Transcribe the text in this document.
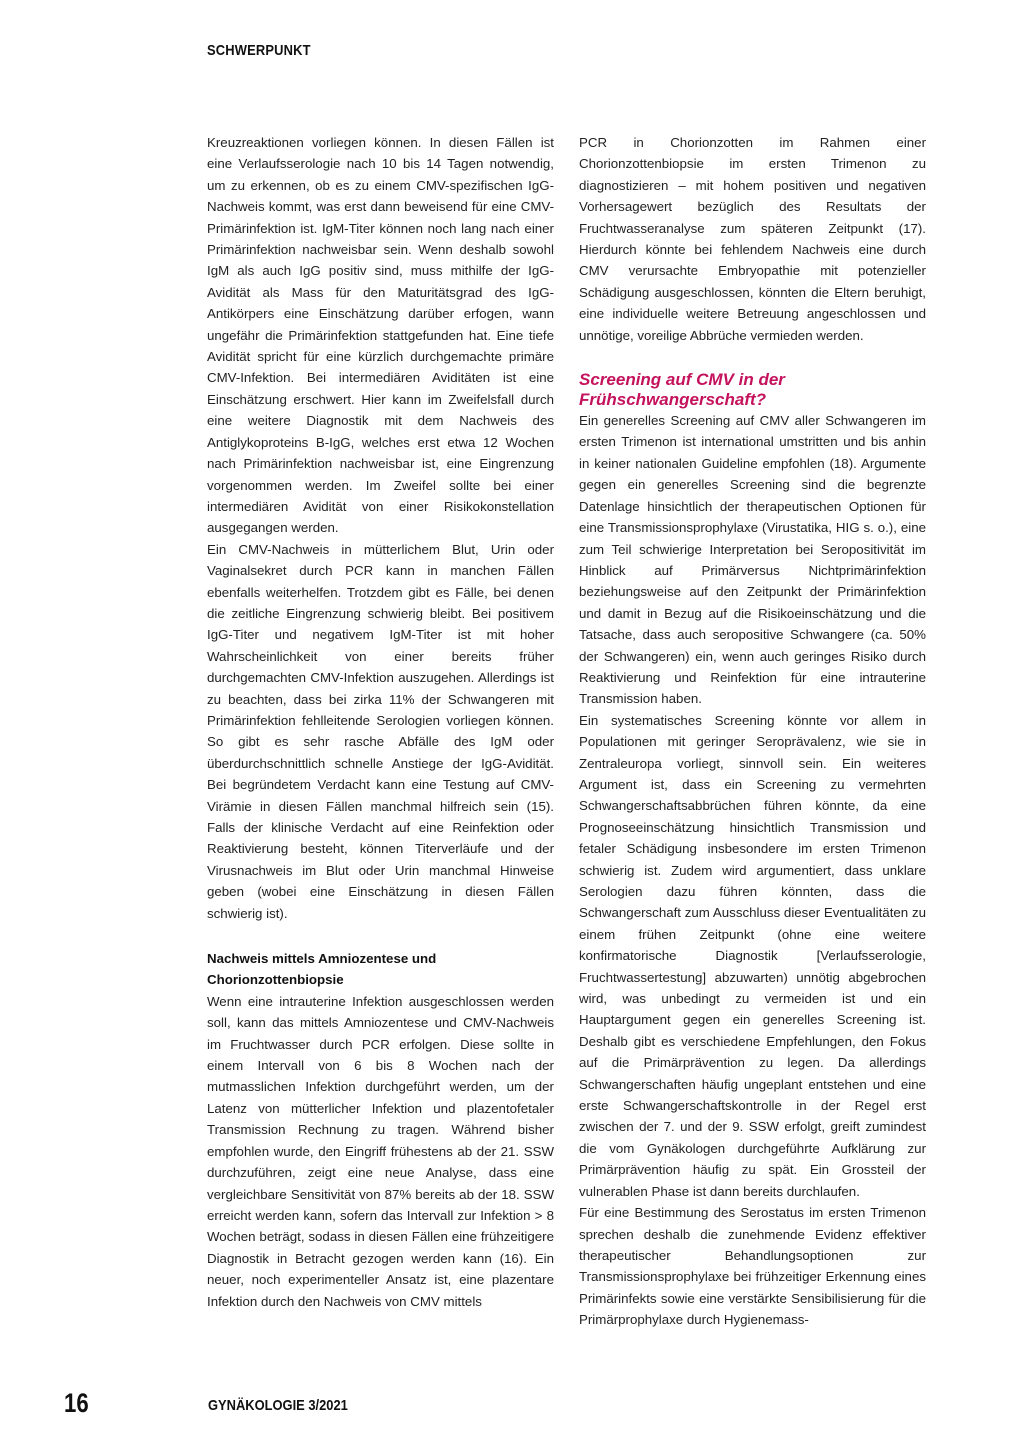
SCHWERPUNKT

Kreuzreaktionen vorliegen können. In diesen Fällen ist eine Verlaufsserologie nach 10 bis 14 Tagen notwendig, um zu erkennen, ob es zu einem CMV-spezifischen IgG-Nachweis kommt, was erst dann beweisend für eine CMV-Primärinfektion ist. IgM-Titer können noch lang nach einer Primärinfektion nachweisbar sein. Wenn deshalb sowohl IgM als auch IgG positiv sind, muss mithilfe der IgG-Avidität als Mass für den Maturitätsgrad des IgG-Antikörpers eine Einschätzung darüber erfogen, wann ungefähr die Primärinfektion stattgefunden hat. Eine tiefe Avidität spricht für eine kürzlich durchgemachte primäre CMV-Infektion. Bei intermediären Aviditäten ist eine Einschätzung erschwert. Hier kann im Zweifelsfall durch eine weitere Diagnostik mit dem Nachweis des Antiglykoproteins B-IgG, welches erst etwa 12 Wochen nach Primärinfektion nachweisbar ist, eine Eingrenzung vorgenommen werden. Im Zweifel sollte bei einer intermediären Avidität von einer Risikokonstellation ausgegangen werden.

Ein CMV-Nachweis in mütterlichem Blut, Urin oder Vaginalsekret durch PCR kann in manchen Fällen ebenfalls weiterhelfen. Trotzdem gibt es Fälle, bei denen die zeitliche Eingrenzung schwierig bleibt. Bei positivem IgG-Titer und negativem IgM-Titer ist mit hoher Wahrscheinlichkeit von einer bereits früher durchgemachten CMV-Infektion auszugehen. Allerdings ist zu beachten, dass bei zirka 11% der Schwangeren mit Primärinfektion fehlleitende Serologien vorliegen können. So gibt es sehr rasche Abfälle des IgM oder überdurchschnittlich schnelle Anstiege der IgG-Avidität. Bei begründetem Verdacht kann eine Testung auf CMV-Virämie in diesen Fällen manchmal hilfreich sein (15). Falls der klinische Verdacht auf eine Reinfektion oder Reaktivierung besteht, können Titerverläufe und der Virusnachweis im Blut oder Urin manchmal Hinweise geben (wobei eine Einschätzung in diesen Fällen schwierig ist).

Nachweis mittels Amniozentese und Chorionzottenbiopsie

Wenn eine intrauterine Infektion ausgeschlossen werden soll, kann das mittels Amniozentese und CMV-Nachweis im Fruchtwasser durch PCR erfolgen. Diese sollte in einem Intervall von 6 bis 8 Wochen nach der mutmasslichen Infektion durchgeführt werden, um der Latenz von mütterlicher Infektion und plazentofetaler Transmission Rechnung zu tragen. Während bisher empfohlen wurde, den Eingriff frühestens ab der 21. SSW durchzuführen, zeigt eine neue Analyse, dass eine vergleichbare Sensitivität von 87% bereits ab der 18. SSW erreicht werden kann, sofern das Intervall zur Infektion > 8 Wochen beträgt, sodass in diesen Fällen eine frühzeitigere Diagnostik in Betracht gezogen werden kann (16). Ein neuer, noch experimenteller Ansatz ist, eine plazentare Infektion durch den Nachweis von CMV mittels

PCR in Chorionzotten im Rahmen einer Chorionzottenbiopsie im ersten Trimenon zu diagnostizieren – mit hohem positiven und negativen Vorhersagewert bezüglich des Resultats der Fruchtwasseranalyse zum späteren Zeitpunkt (17). Hierdurch könnte bei fehlendem Nachweis eine durch CMV verursachte Embryopathie mit potenzieller Schädigung ausgeschlossen, könnten die Eltern beruhigt, eine individuelle weitere Betreuung angeschlossen und unnötige, voreilige Abbrüche vermieden werden.

Screening auf CMV in der Frühschwangerschaft?

Ein generelles Screening auf CMV aller Schwangeren im ersten Trimenon ist international umstritten und bis anhin in keiner nationalen Guideline empfohlen (18). Argumente gegen ein generelles Screening sind die begrenzte Datenlage hinsichtlich der therapeutischen Optionen für eine Transmissionsprophylaxe (Virustatika, HIG s. o.), eine zum Teil schwierige Interpretation bei Seropositivität im Hinblick auf Primärversus Nichtprimärinfektion beziehungsweise auf den Zeitpunkt der Primärinfektion und damit in Bezug auf die Risikoeinschätzung und die Tatsache, dass auch seropositive Schwangere (ca. 50% der Schwangeren) ein, wenn auch geringes Risiko durch Reaktivierung und Reinfektion für eine intrauterine Transmission haben.

Ein systematisches Screening könnte vor allem in Populationen mit geringer Seroprävalenz, wie sie in Zentraleuropa vorliegt, sinnvoll sein. Ein weiteres Argument ist, dass ein Screening zu vermehrten Schwangerschaftsabbrüchen führen könnte, da eine Prognoseeinschätzung hinsichtlich Transmission und fetaler Schädigung insbesondere im ersten Trimenon schwierig ist. Zudem wird argumentiert, dass unklare Serologien dazu führen könnten, dass die Schwangerschaft zum Ausschluss dieser Eventualitäten zu einem frühen Zeitpunkt (ohne eine weitere konfirmatorische Diagnostik [Verlaufsserologie, Fruchtwassertestung] abzuwarten) unnötig abgebrochen wird, was unbedingt zu vermeiden ist und ein Hauptargument gegen ein generelles Screening ist. Deshalb gibt es verschiedene Empfehlungen, den Fokus auf die Primärprävention zu legen. Da allerdings Schwangerschaften häufig ungeplant entstehen und eine erste Schwangerschaftskontrolle in der Regel erst zwischen der 7. und der 9. SSW erfolgt, greift zumindest die vom Gynäkologen durchgeführte Aufklärung zur Primärprävention häufig zu spät. Ein Grossteil der vulnerablen Phase ist dann bereits durchlaufen.

Für eine Bestimmung des Serostatus im ersten Trimenon sprechen deshalb die zunehmende Evidenz effektiver therapeutischer Behandlungsoptionen zur Transmissionsprophylaxe bei frühzeitiger Erkennung eines Primärinfekts sowie eine verstärkte Sensibilisierung für die Primärprophylaxe durch Hygienemass-

16	GYNÄKOLOGIE 3/2021
